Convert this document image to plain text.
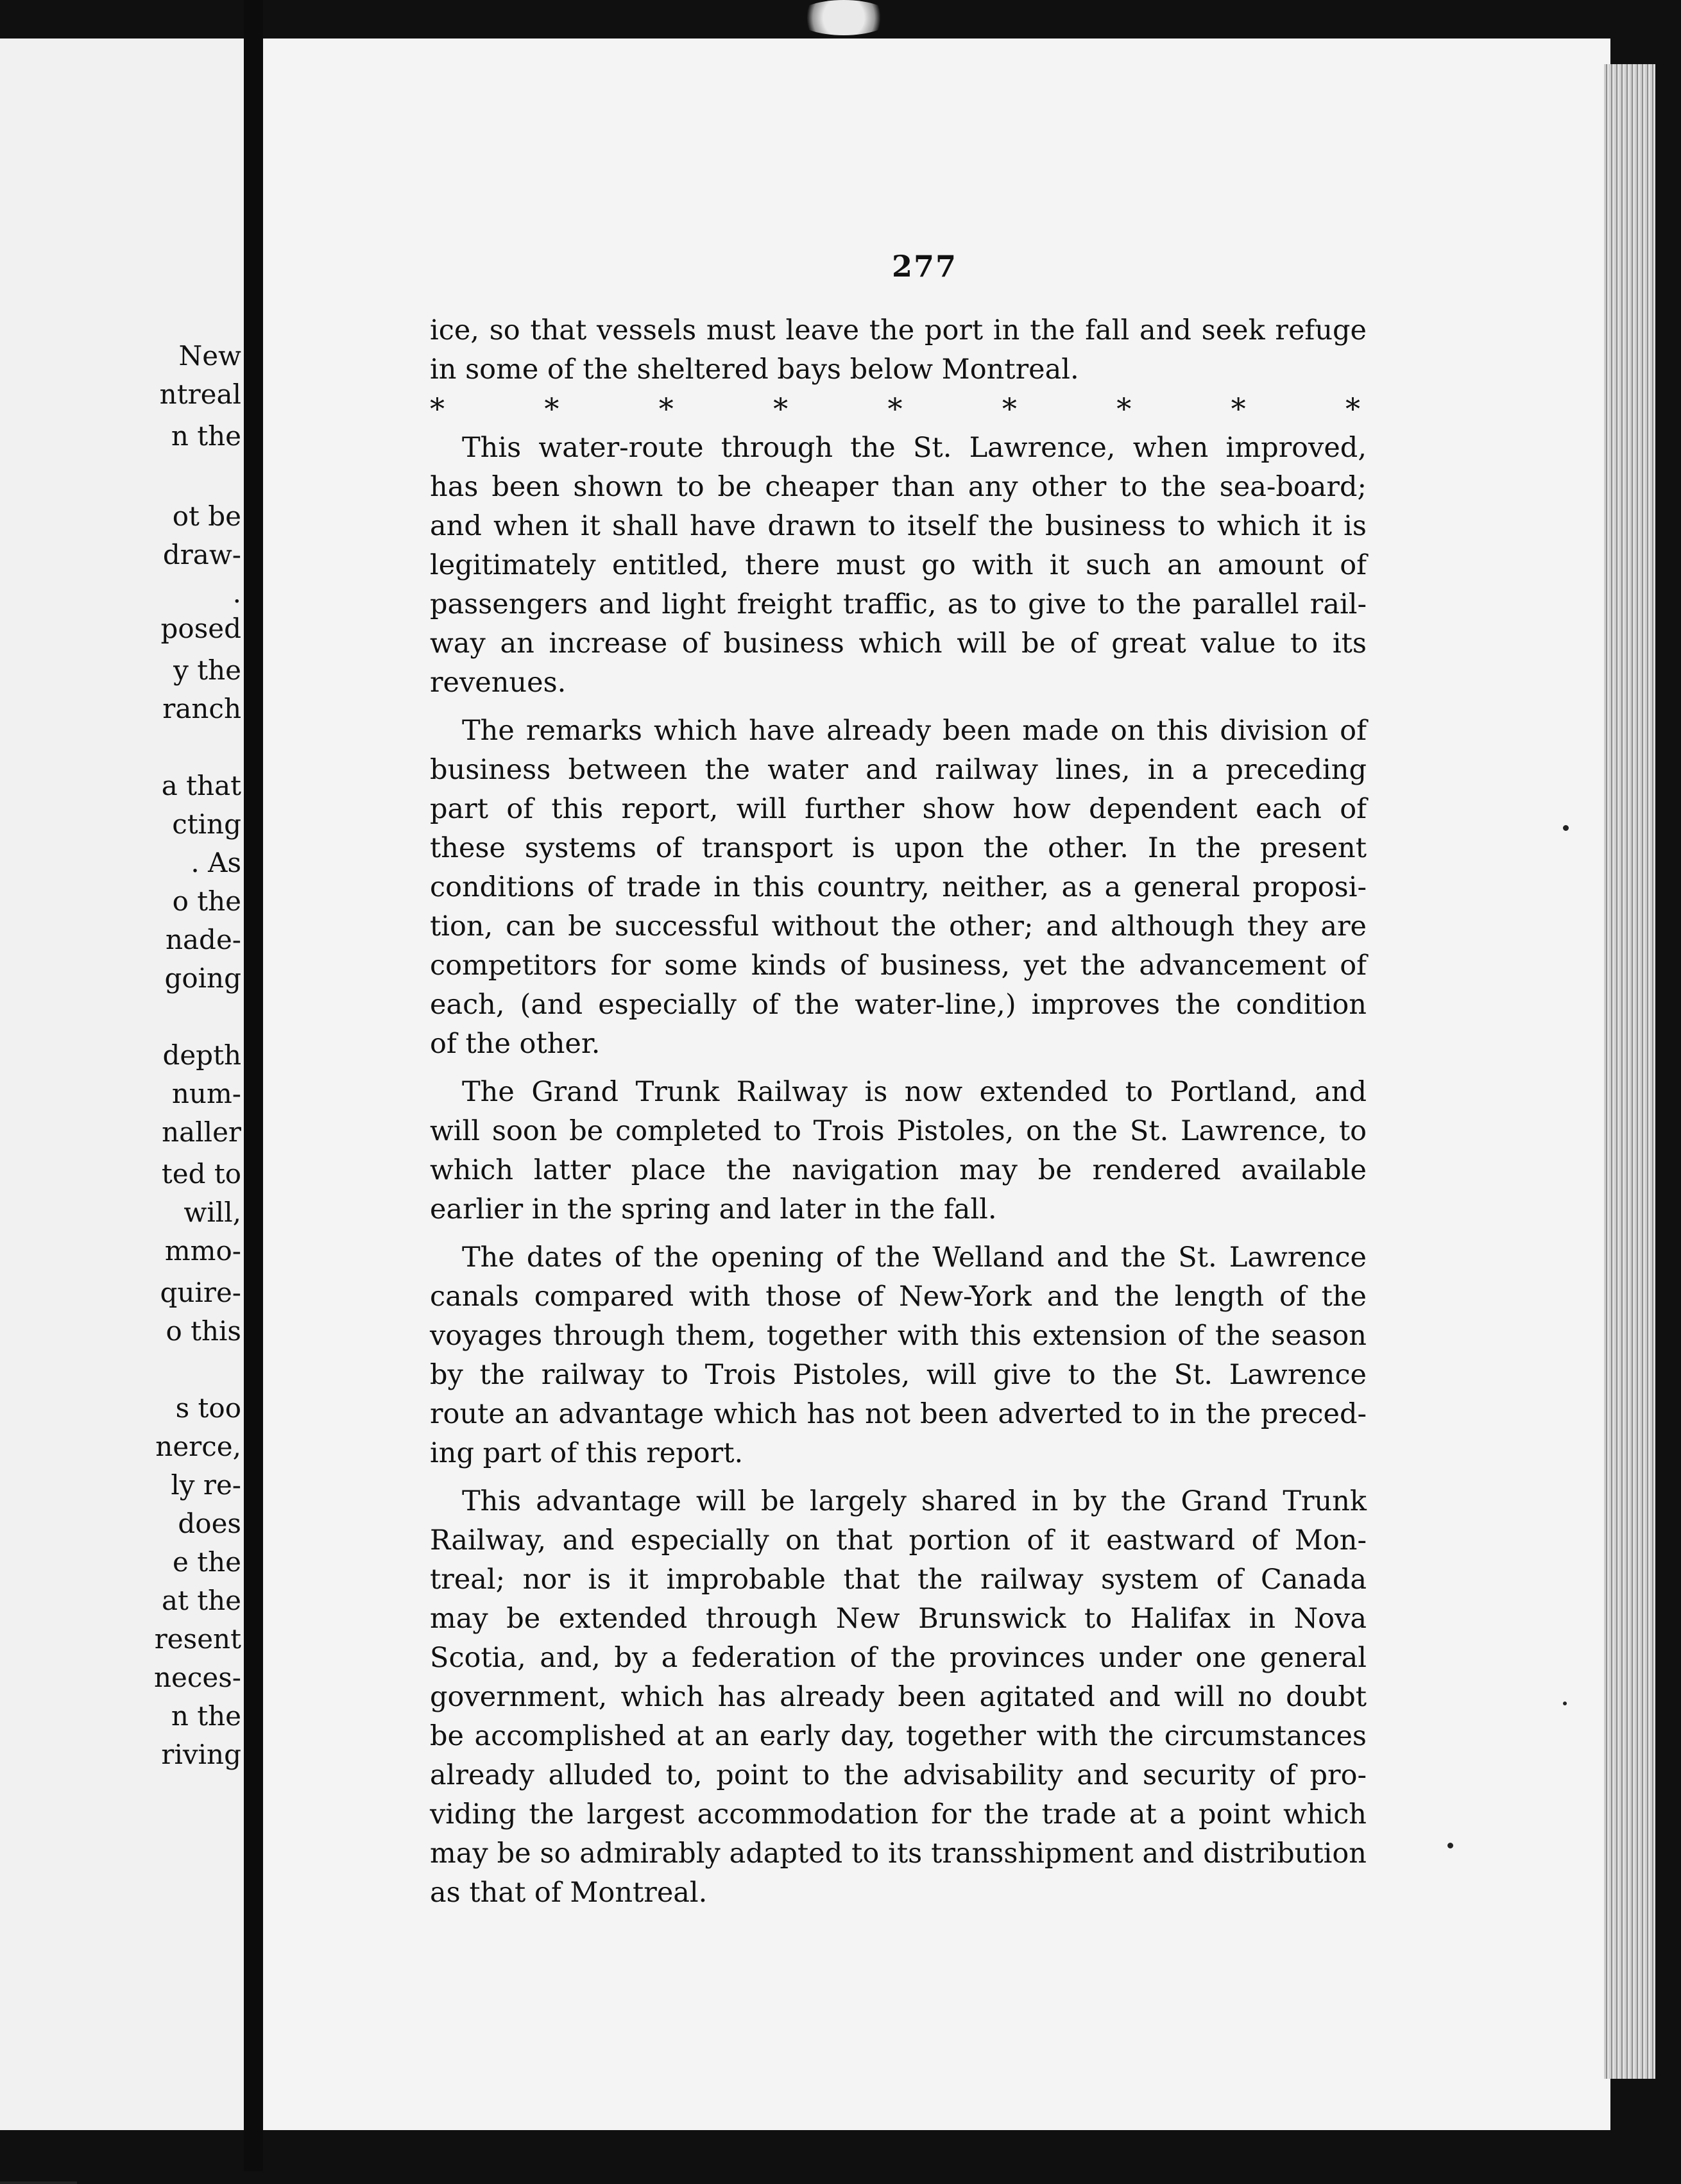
New
ntreal
n the
ot be
draw-
.
posed
y the
ranch
a that
cting
. As
o the
nade-
going
depth
num-
naller
ted to
will,
mmo-
quire-
o this
s too
nerce,
ly re-
does
e the
at the
resent
neces-
n the
riving
277
ice, so that vessels must leave the port in the fall and seek refuge
in some of the sheltered bays below Montreal.
*	*	*	*	*	*	*	*	*
This water-route through the St. Lawrence, when improved,
has been shown to be cheaper than any other to the sea-board;
and when it shall have drawn to itself the business to which it is
legitimately entitled, there must go with it such an amount of
passengers and light freight traffic, as to give to the parallel rail-
way an increase of business which will be of great value to its
revenues.
The remarks which have already been made on this division of
business between the water and railway lines, in a preceding
part of this report, will further show how dependent each of
these systems of transport is upon the other. In the present
conditions of trade in this country, neither, as a general proposi-
tion, can be successful without the other; and although they are
competitors for some kinds of business, yet the advancement of
each, (and especially of the water-line,) improves the condition
of the other.
The Grand Trunk Railway is now extended to Portland, and
will soon be completed to Trois Pistoles, on the St. Lawrence, to
which latter place the navigation may be rendered available
earlier in the spring and later in the fall.
The dates of the opening of the Welland and the St. Lawrence
canals compared with those of New-York and the length of the
voyages through them, together with this extension of the season
by the railway to Trois Pistoles, will give to the St. Lawrence
route an advantage which has not been adverted to in the preced-
ing part of this report.
This advantage will be largely shared in by the Grand Trunk
Railway, and especially on that portion of it eastward of Mon-
treal; nor is it improbable that the railway system of Canada
may be extended through New Brunswick to Halifax in Nova
Scotia, and, by a federation of the provinces under one general
government, which has already been agitated and will no doubt
be accomplished at an early day, together with the circumstances
already alluded to, point to the advisability and security of pro-
viding the largest accommodation for the trade at a point which
may be so admirably adapted to its transshipment and distribution
as that of Montreal.
